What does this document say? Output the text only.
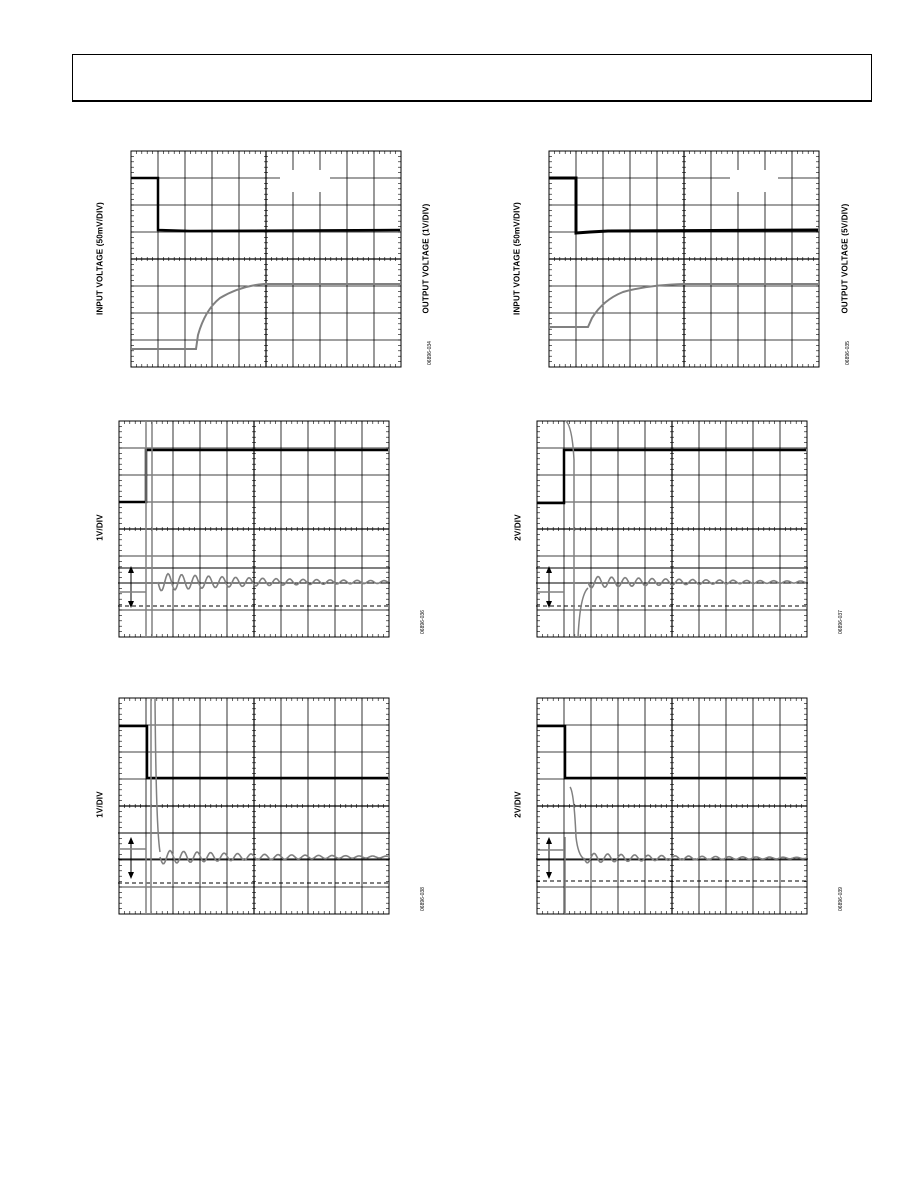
INPUT VOLTAGE (50mV/DIV)	OUTPUT VOLTAGE (1V/DIV)
06896-034
INPUT VOLTAGE (50mV/DIV)	OUTPUT VOLTAGE (5V/DIV)
06896-035
1V/DIV
06896-036
2V/DIV
06896-037
1V/DIV
06896-038
2V/DIV
06896-039
